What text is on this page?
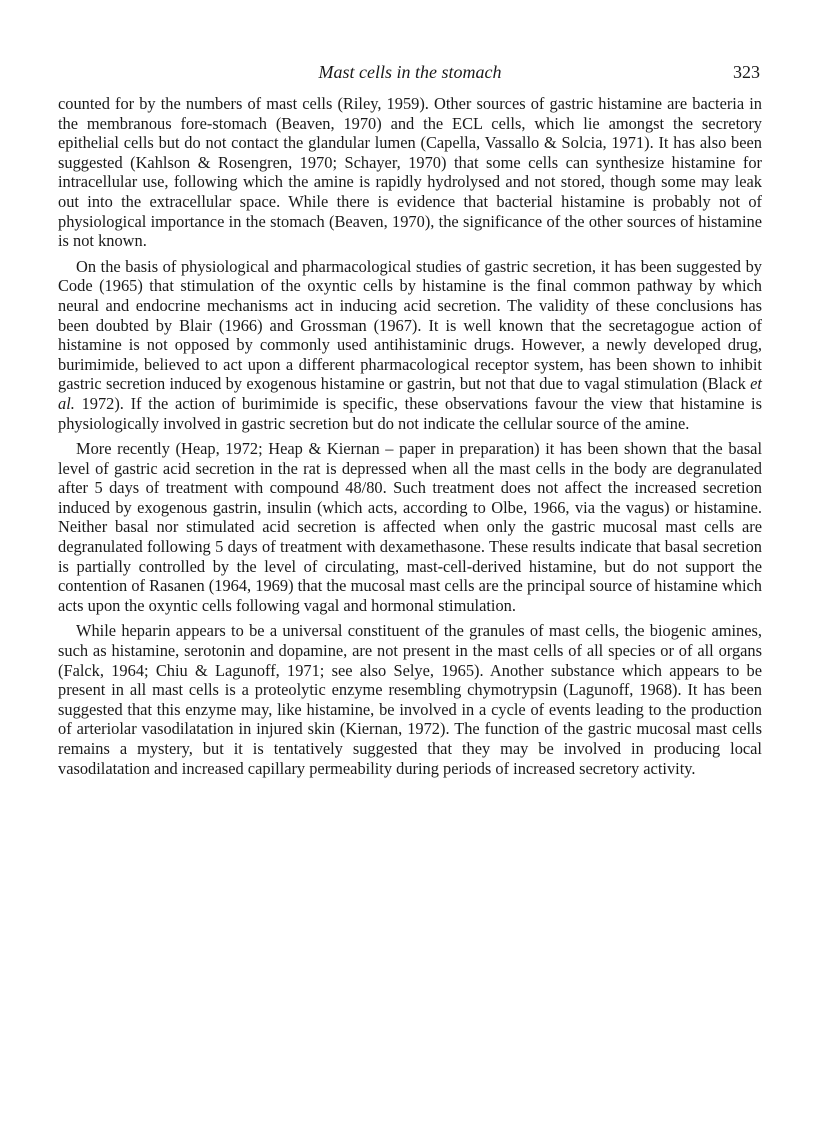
Mast cells in the stomach	323

counted for by the numbers of mast cells (Riley, 1959). Other sources of gastric histamine are bacteria in the membranous fore-stomach (Beaven, 1970) and the ECL cells, which lie amongst the secretory epithelial cells but do not contact the glandular lumen (Capella, Vassallo & Solcia, 1971). It has also been suggested (Kahlson & Rosengren, 1970; Schayer, 1970) that some cells can synthesize histamine for intracellular use, following which the amine is rapidly hydrolysed and not stored, though some may leak out into the extracellular space. While there is evidence that bacterial histamine is probably not of physiological importance in the stomach (Beaven, 1970), the significance of the other sources of histamine is not known.

On the basis of physiological and pharmacological studies of gastric secretion, it has been suggested by Code (1965) that stimulation of the oxyntic cells by histamine is the final common pathway by which neural and endocrine mechanisms act in inducing acid secretion. The validity of these conclusions has been doubted by Blair (1966) and Grossman (1967). It is well known that the secretagogue action of histamine is not opposed by commonly used antihistaminic drugs. However, a newly developed drug, burimimide, believed to act upon a different pharmacological receptor system, has been shown to inhibit gastric secretion induced by exogenous histamine or gastrin, but not that due to vagal stimulation (Black et al. 1972). If the action of burimimide is specific, these observations favour the view that histamine is physiologically involved in gastric secretion but do not indicate the cellular source of the amine.

More recently (Heap, 1972; Heap & Kiernan – paper in preparation) it has been shown that the basal level of gastric acid secretion in the rat is depressed when all the mast cells in the body are degranulated after 5 days of treatment with compound 48/80. Such treatment does not affect the increased secretion induced by exogenous gastrin, insulin (which acts, according to Olbe, 1966, via the vagus) or histamine. Neither basal nor stimulated acid secretion is affected when only the gastric mucosal mast cells are degranulated following 5 days of treatment with dexamethasone. These results indicate that basal secretion is partially controlled by the level of circulating, mast-cell-derived histamine, but do not support the contention of Rasanen (1964, 1969) that the mucosal mast cells are the principal source of histamine which acts upon the oxyntic cells following vagal and hormonal stimulation.

While heparin appears to be a universal constituent of the granules of mast cells, the biogenic amines, such as histamine, serotonin and dopamine, are not present in the mast cells of all species or of all organs (Falck, 1964; Chiu & Lagunoff, 1971; see also Selye, 1965). Another substance which appears to be present in all mast cells is a proteolytic enzyme resembling chymotrypsin (Lagunoff, 1968). It has been suggested that this enzyme may, like histamine, be involved in a cycle of events leading to the production of arteriolar vasodilatation in injured skin (Kiernan, 1972). The function of the gastric mucosal mast cells remains a mystery, but it is tentatively suggested that they may be involved in producing local vasodilatation and increased capillary permeability during periods of increased secretory activity.
